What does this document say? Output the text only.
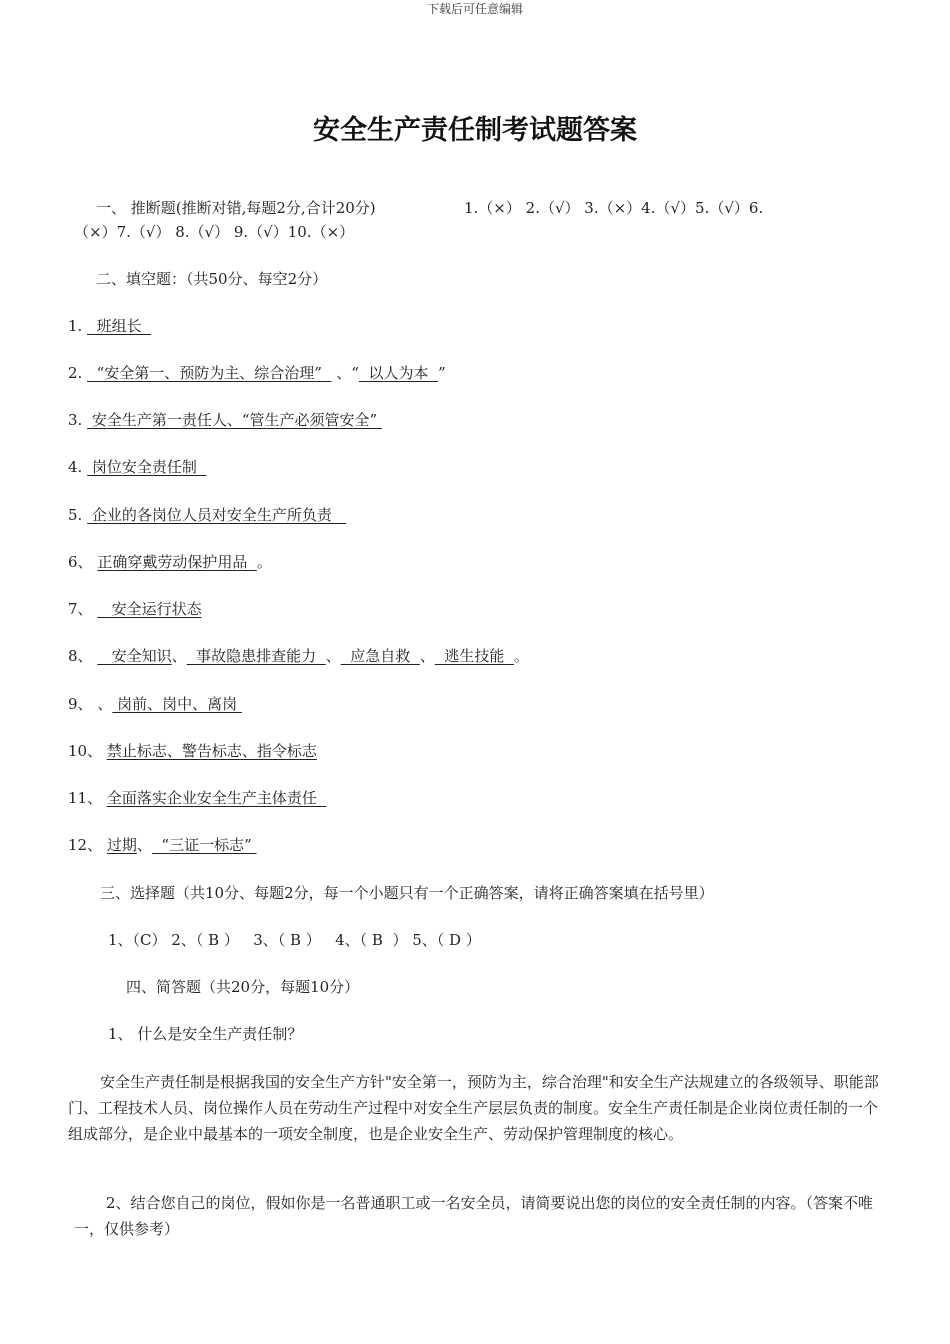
下载后可任意编辑
安全生产责任制考试题答案
一、 推断题(推断对错,每题2分,合计20分)	1.（×） 2.（√） 3.（×）4.（√）5.（√）6.
（×）7.（√） 8.（√） 9.（√）10.（×）
二、填空题：（共50分、每空2分）
1.   班组长
2.   “安全第一、预防为主、综合治理”   、“  以人为本  ”
3.  安全生产第一责任人、“管生产必须管安全”
4.  岗位安全责任制
5.  企业的各岗位人员对安全生产所负责
6、 正确穿戴劳动保护用品  。
7、    安全运行状态
8、    安全知识、  事故隐患排查能力  、  应急自救  、  逃生技能  。
9、 、 岗前、岗中、离岗
10、 禁止标志、警告标志、指令标志
11、 全面落实企业安全生产主体责任
12、 过期、  “三证一标志”
三、选择题（共10分、每题2分，每一个小题只有一个正确答案，请将正确答案填在括号里）
1、（C） 2、（ B ）   3、（ B ）   4、（ B  ） 5、（ D ）
四、简答题（共20分，每题10分）
1、 什么是安全生产责任制？
安全生产责任制是根据我国的安全生产方针"安全第一，预防为主，综合治理"和安全生产法规建立的各级领导、职能部门、工程技术人员、岗位操作人员在劳动生产过程中对安全生产层层负责的制度。安全生产责任制是企业岗位责任制的一个组成部分，是企业中最基本的一项安全制度，也是企业安全生产、劳动保护管理制度的核心。
2、结合您自己的岗位，假如你是一名普通职工或一名安全员，请简要说出您的岗位的安全责任制的内容。（答案不唯一，仅供参考）
